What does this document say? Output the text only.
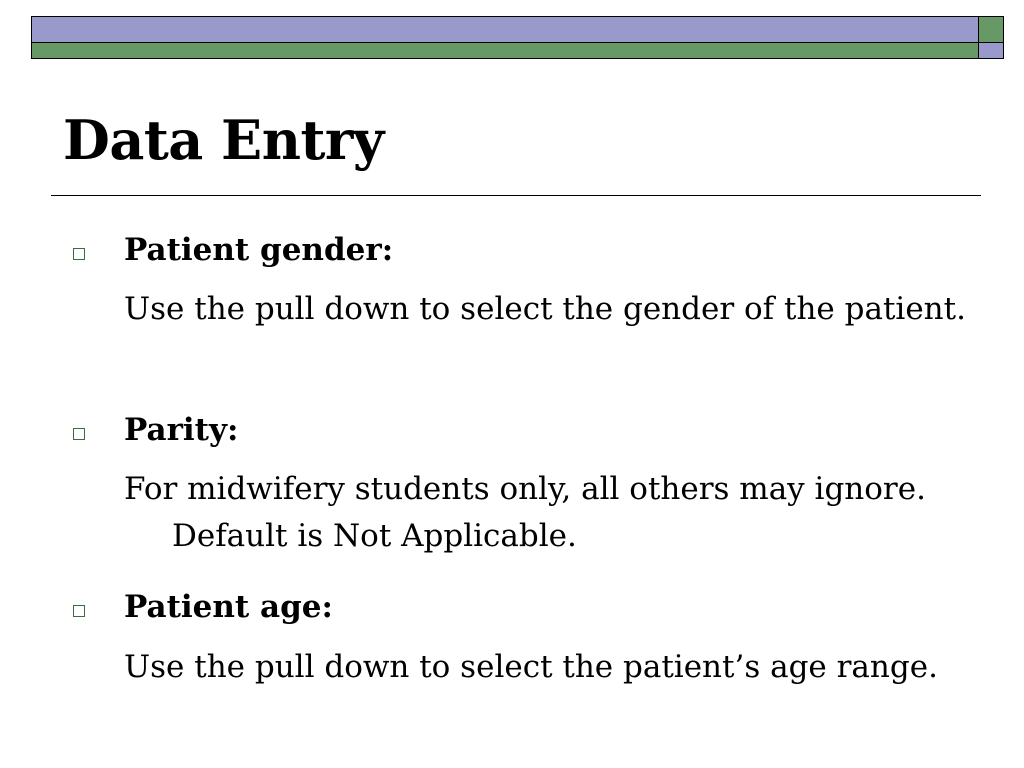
Data Entry
Patient gender:

Use the pull down to select the gender of the patient.

Parity:

For midwifery students only, all others may ignore. Default is Not Applicable.

Patient age:

Use the pull down to select the patient’s age range.
